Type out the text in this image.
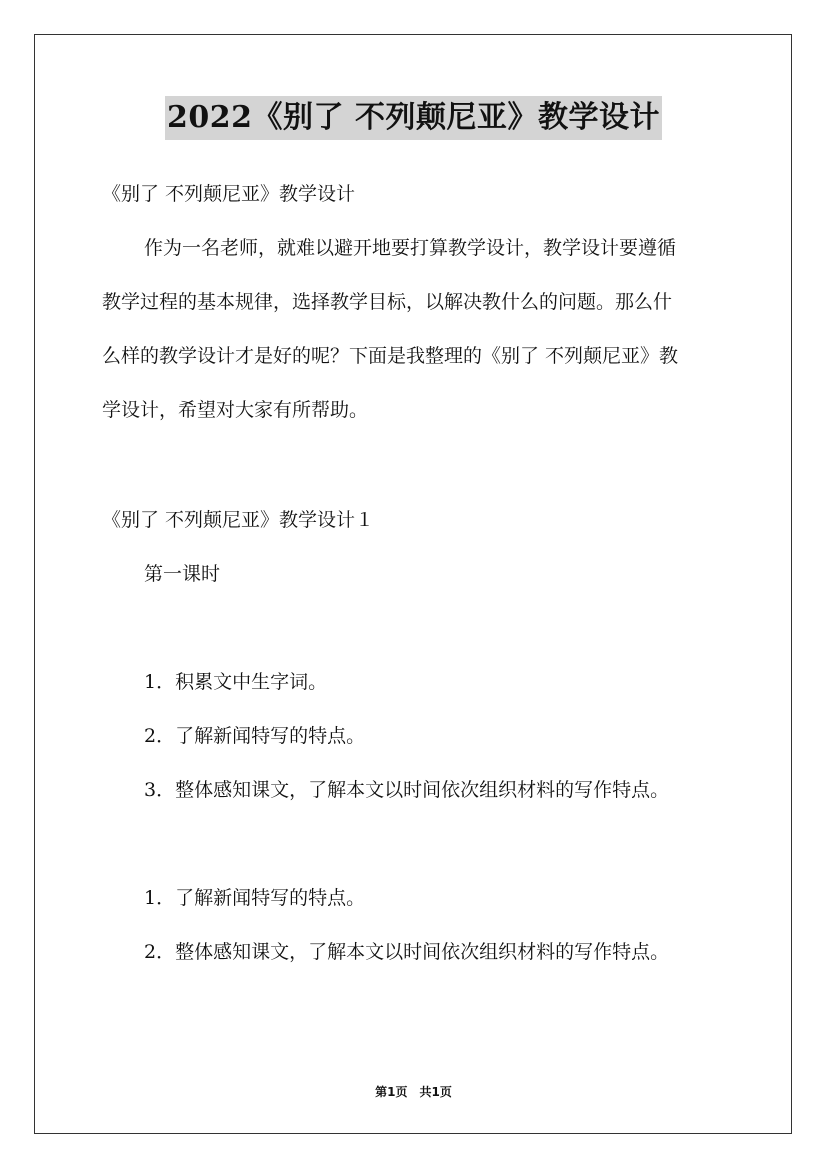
2022《别了 不列颠尼亚》教学设计
《别了 不列颠尼亚》教学设计
作为一名老师，就难以避开地要打算教学设计，教学设计要遵循
教学过程的基本规律，选择教学目标，以解决教什么的问题。那么什
么样的教学设计才是好的呢？下面是我整理的《别了 不列颠尼亚》教
学设计，希望对大家有所帮助。
《别了 不列颠尼亚》教学设计１
第一课时
1．积累文中生字词。
2．了解新闻特写的特点。
3．整体感知课文，了解本文以时间依次组织材料的写作特点。
1．了解新闻特写的特点。
2．整体感知课文，了解本文以时间依次组织材料的写作特点。
第1页　共1页
